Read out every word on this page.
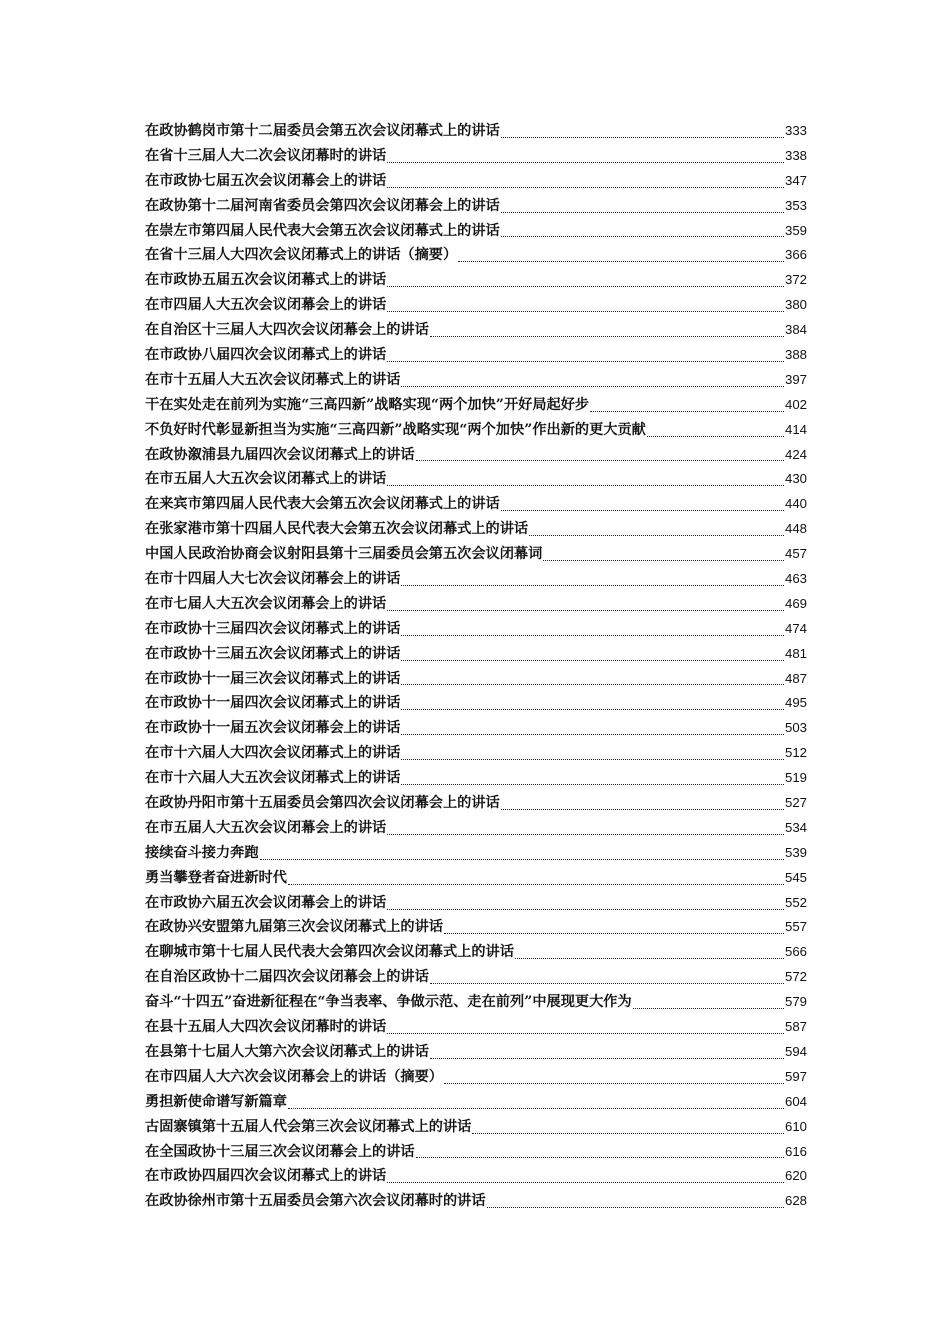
在政协鹤岗市第十二届委员会第五次会议闭幕式上的讲话	333
在省十三届人大二次会议闭幕时的讲话	338
在市政协七届五次会议闭幕会上的讲话	347
在政协第十二届河南省委员会第四次会议闭幕会上的讲话	353
在崇左市第四届人民代表大会第五次会议闭幕式上的讲话	359
在省十三届人大四次会议闭幕式上的讲话（摘要）	366
在市政协五届五次会议闭幕式上的讲话	372
在市四届人大五次会议闭幕会上的讲话	380
在自治区十三届人大四次会议闭幕会上的讲话	384
在市政协八届四次会议闭幕式上的讲话	388
在市十五届人大五次会议闭幕式上的讲话	397
干在实处走在前列为实施“三高四新”战略实现“两个加快”开好局起好步	402
不负好时代彰显新担当为实施“三高四新”战略实现“两个加快”作出新的更大贡献	414
在政协溆浦县九届四次会议闭幕式上的讲话	424
在市五届人大五次会议闭幕式上的讲话	430
在来宾市第四届人民代表大会第五次会议闭幕式上的讲话	440
在张家港市第十四届人民代表大会第五次会议闭幕式上的讲话	448
中国人民政治协商会议射阳县第十三届委员会第五次会议闭幕词	457
在市十四届人大七次会议闭幕会上的讲话	463
在市七届人大五次会议闭幕会上的讲话	469
在市政协十三届四次会议闭幕式上的讲话	474
在市政协十三届五次会议闭幕式上的讲话	481
在市政协十一届三次会议闭幕式上的讲话	487
在市政协十一届四次会议闭幕式上的讲话	495
在市政协十一届五次会议闭幕会上的讲话	503
在市十六届人大四次会议闭幕式上的讲话	512
在市十六届人大五次会议闭幕式上的讲话	519
在政协丹阳市第十五届委员会第四次会议闭幕会上的讲话	527
在市五届人大五次会议闭幕会上的讲话	534
接续奋斗接力奔跑	539
勇当攀登者奋进新时代	545
在市政协六届五次会议闭幕会上的讲话	552
在政协兴安盟第九届第三次会议闭幕式上的讲话	557
在聊城市第十七届人民代表大会第四次会议闭幕式上的讲话	566
在自治区政协十二届四次会议闭幕会上的讲话	572
奋斗“十四五”奋进新征程在“争当表率、争做示范、走在前列”中展现更大作为	579
在县十五届人大四次会议闭幕时的讲话	587
在县第十七届人大第六次会议闭幕式上的讲话	594
在市四届人大六次会议闭幕会上的讲话（摘要）	597
勇担新使命谱写新篇章	604
古固寨镇第十五届人代会第三次会议闭幕式上的讲话	610
在全国政协十三届三次会议闭幕会上的讲话	616
在市政协四届四次会议闭幕式上的讲话	620
在政协徐州市第十五届委员会第六次会议闭幕时的讲话	628
